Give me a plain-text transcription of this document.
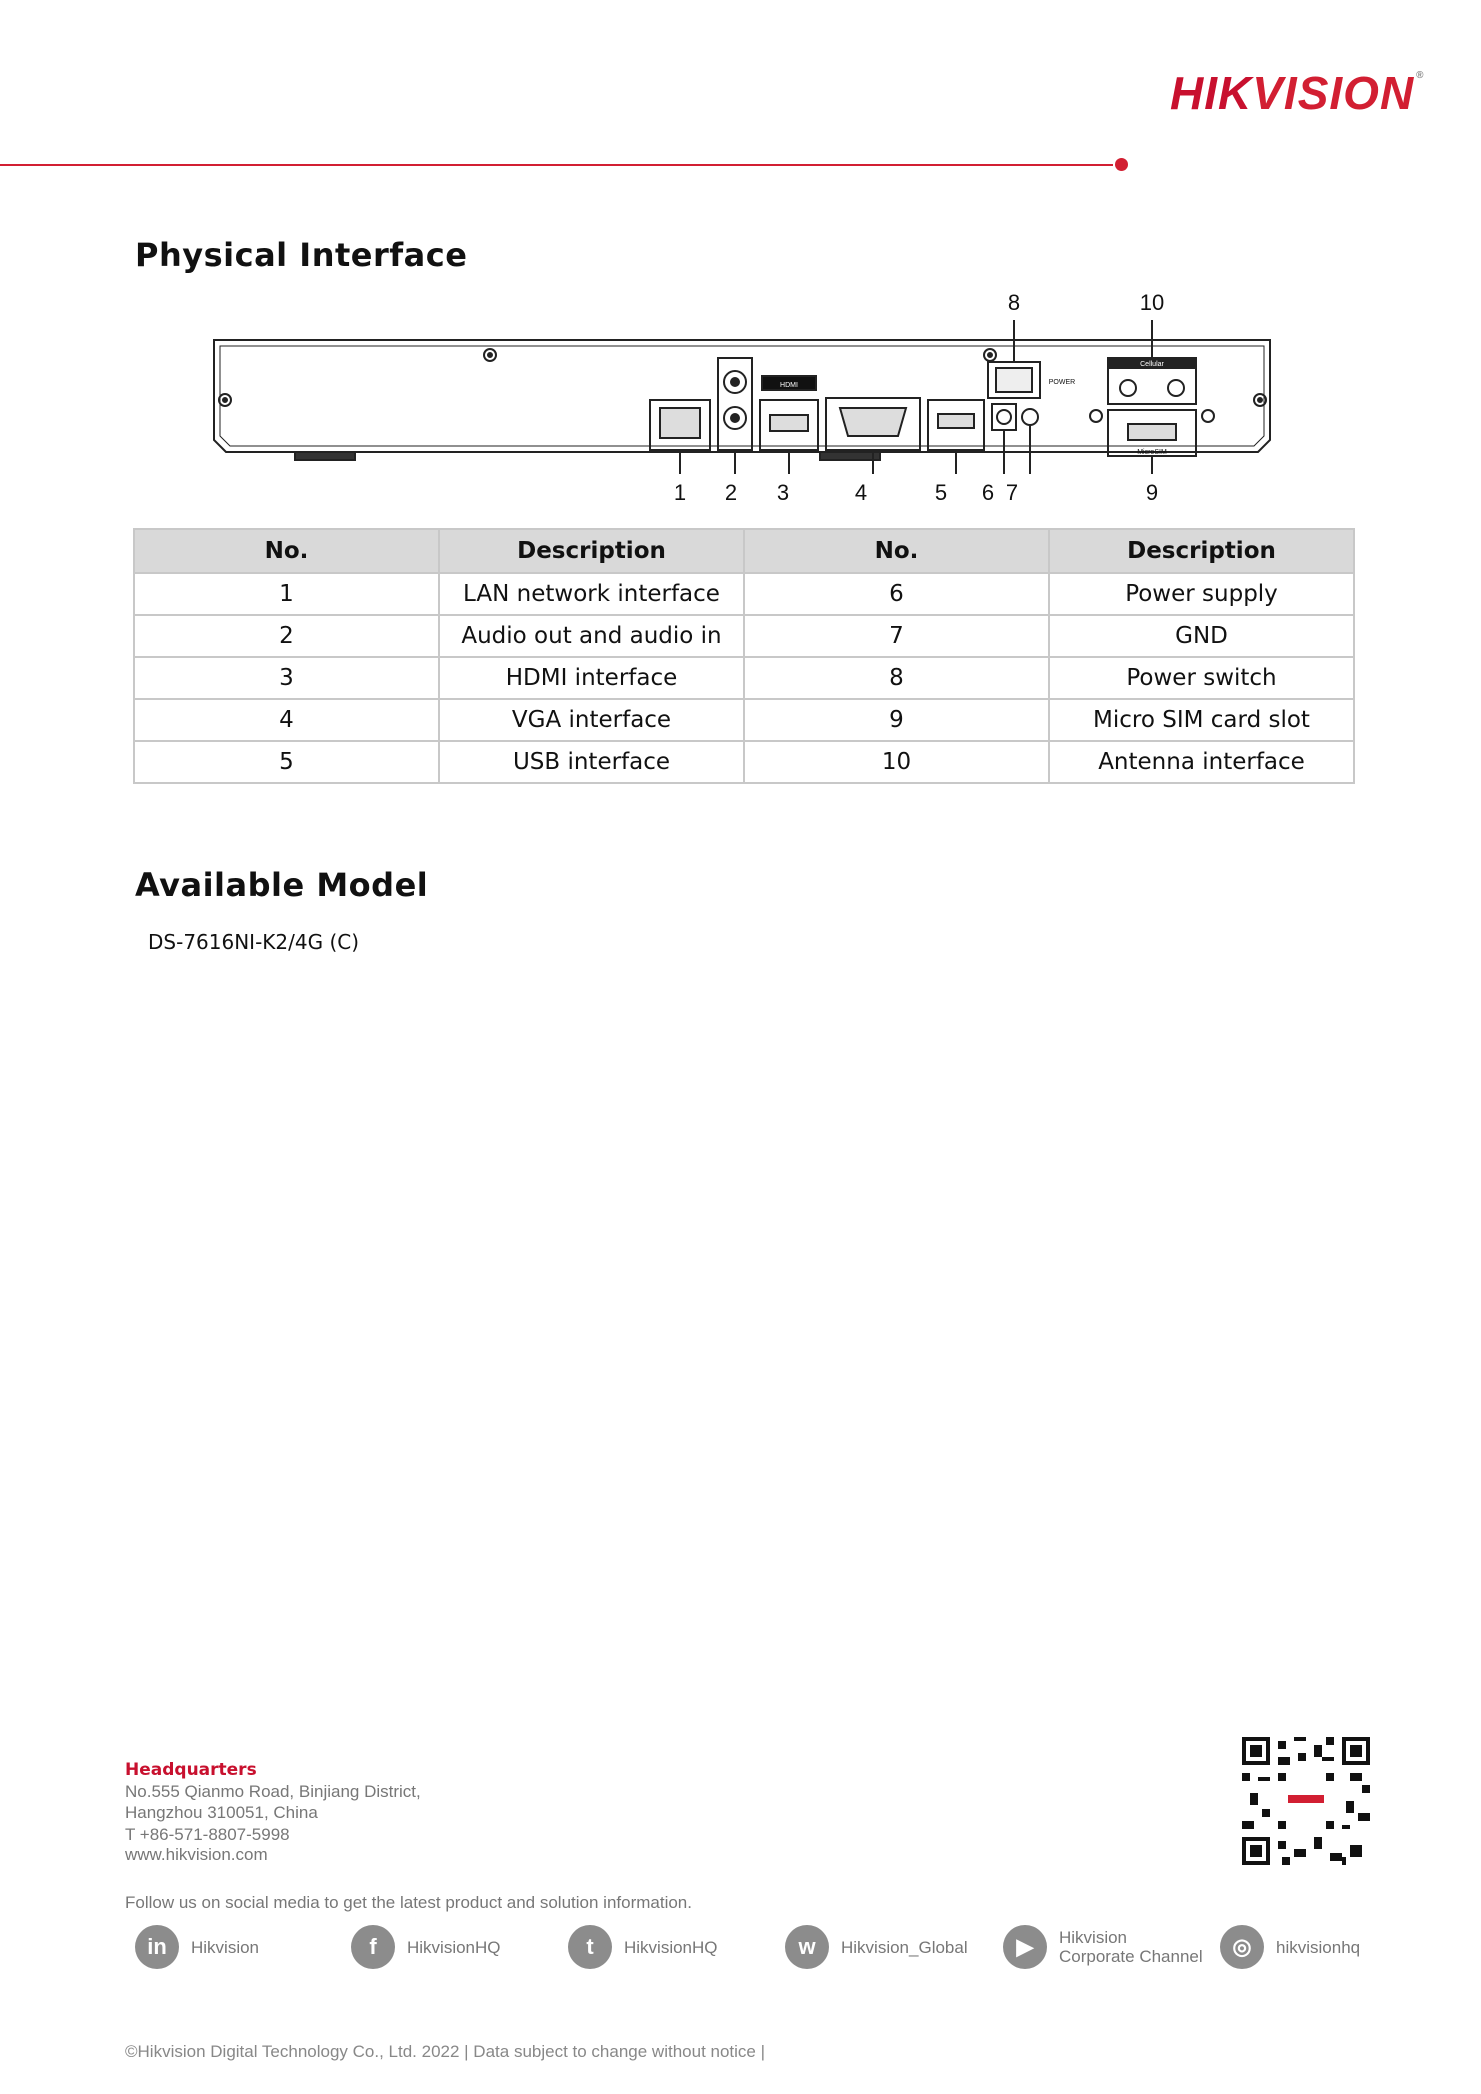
HIKVISION ®
Physical Interface
1 2 3	4	5 6 7
8
9
10
HDMI	POWER
Cellular
MicroSIM
No.	Description	No.	Description
1	LAN network interface	6	Power supply
2	Audio out and audio in	7	GND
3	HDMI interface	8	Power switch
4	VGA interface	9	Micro SIM card slot
5	USB interface	10	Antenna interface
Available Model
DS-7616NI-K2/4G (C)
Headquarters
No.555 Qianmo Road, Binjiang District,
Hangzhou 310051, China
T +86-571-8807-5998
www.hikvision.com
Follow us on social media to get the latest product and solution information.
in	Hikvision	f	HikvisionHQ	t	HikvisionHQ	w	Hikvision_Global	▶	Hikvision
Corporate Channel	◎	hikvisionhq
©Hikvision Digital Technology Co., Ltd. 2022 | Data subject to change without notice |
